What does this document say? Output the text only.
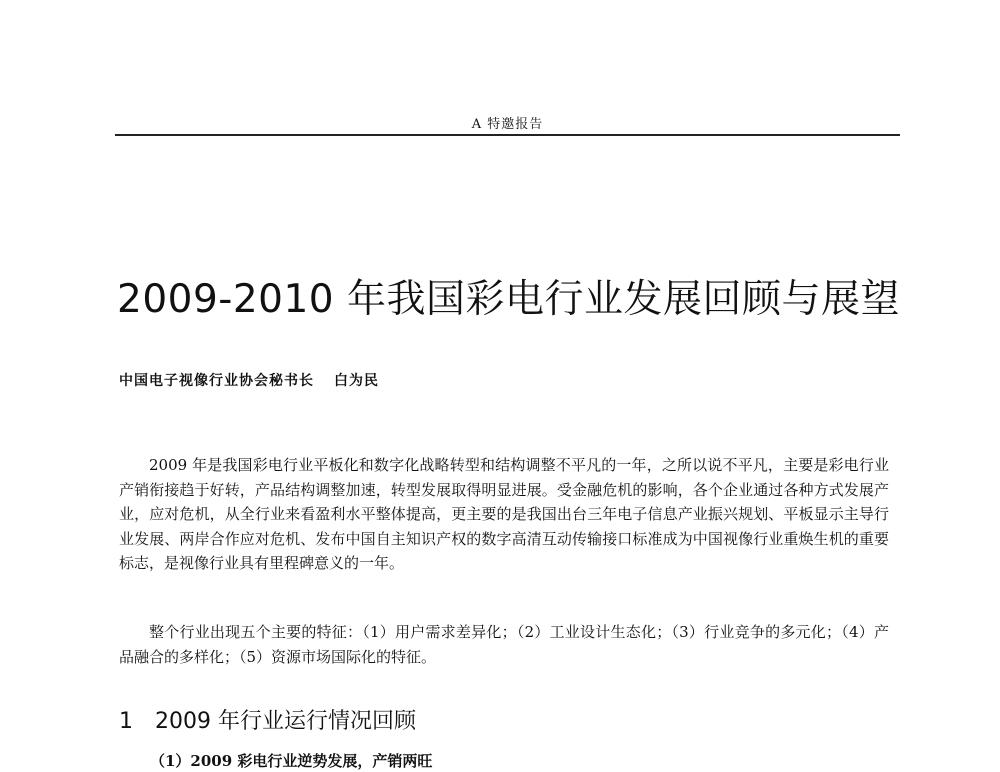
A 特邀报告
2009-2010 年我国彩电行业发展回顾与展望
中国电子视像行业协会秘书长 白为民

2009 年是我国彩电行业平板化和数字化战略转型和结构调整不平凡的一年，之所以说不平凡，主要是彩电行业产销衔接趋于好转，产品结构调整加速，转型发展取得明显进展。受金融危机的影响，各个企业通过各种方式发展产业，应对危机，从全行业来看盈利水平整体提高，更主要的是我国出台三年电子信息产业振兴规划、平板显示主导行业发展、两岸合作应对危机、发布中国自主知识产权的数字高清互动传输接口标准成为中国视像行业重焕生机的重要标志，是视像行业具有里程碑意义的一年。

整个行业出现五个主要的特征：（1）用户需求差异化；（2）工业设计生态化；（3）行业竞争的多元化；（4）产品融合的多样化；（5）资源市场国际化的特征。

1 2009 年行业运行情况回顾
（1）2009 彩电行业逆势发展，产销两旺
